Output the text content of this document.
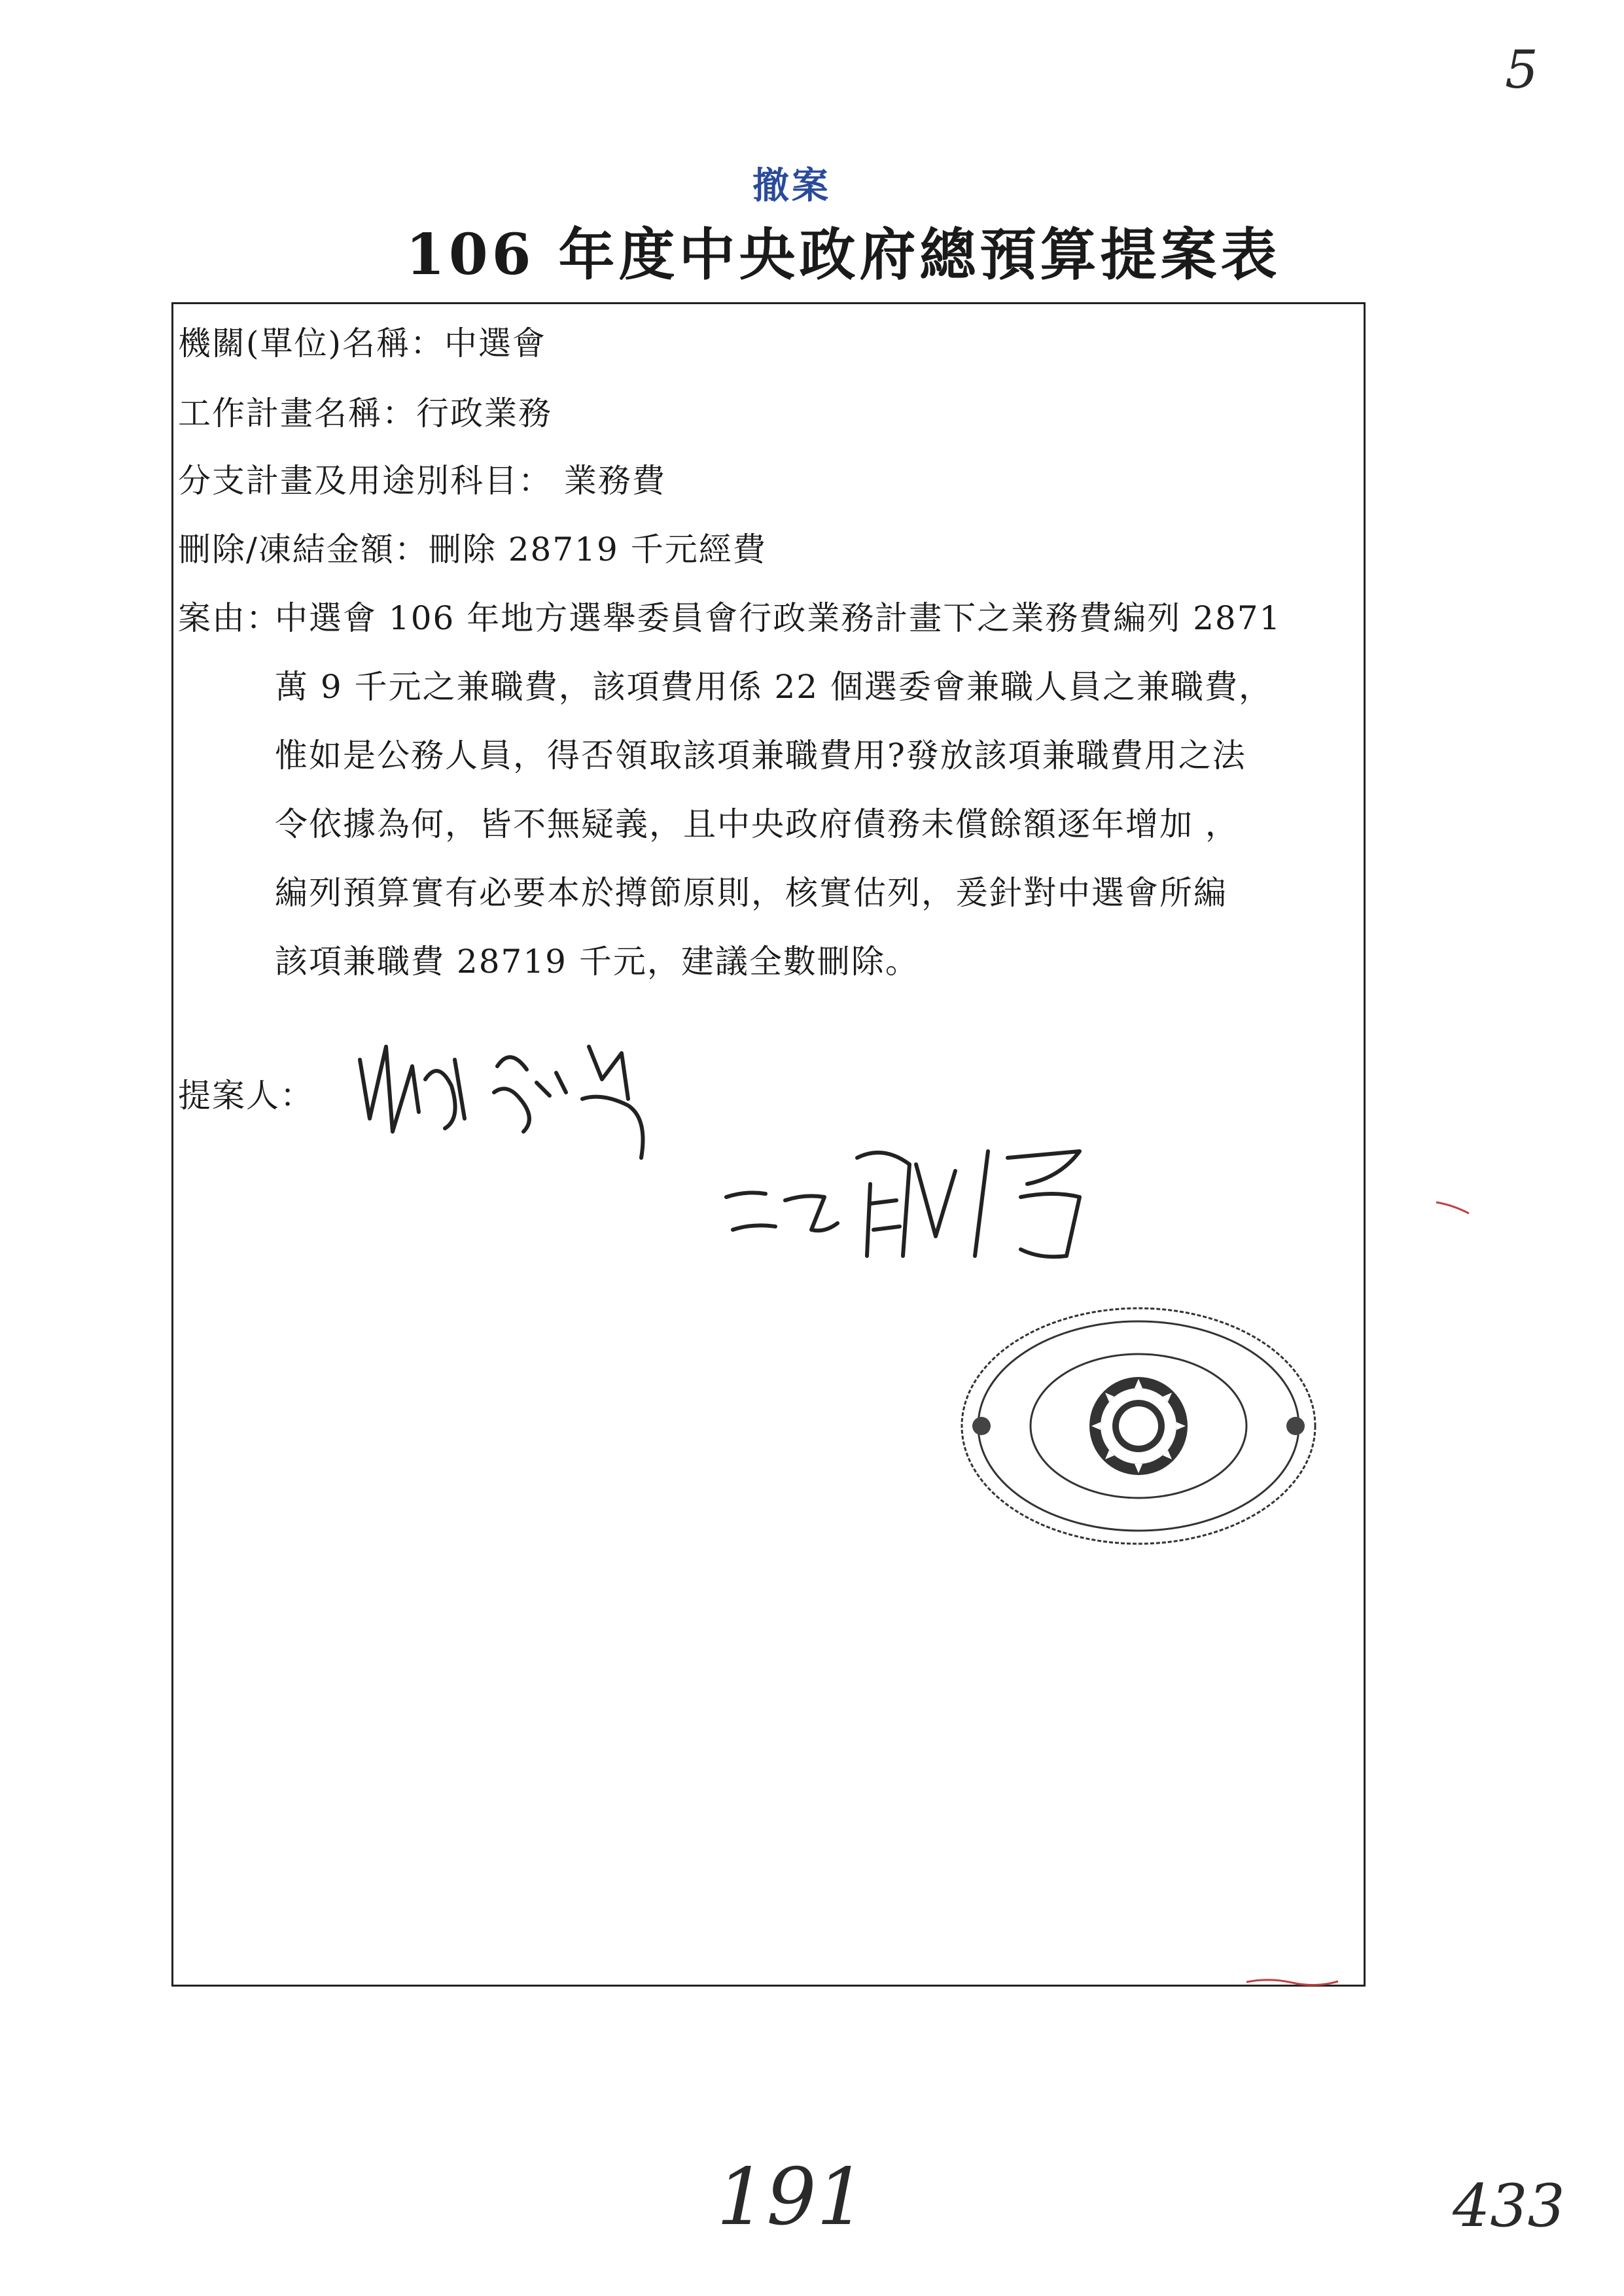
5
撤案
106 年度中央政府總預算提案表
機關(單位)名稱：中選會
工作計畫名稱：行政業務
分支計畫及用途別科目： 業務費
刪除/凍結金額：刪除 28719 千元經費
案由：
中選會 106 年地方選舉委員會行政業務計畫下之業務費編列 2871
萬 9 千元之兼職費，該項費用係 22 個選委會兼職人員之兼職費，
惟如是公務人員，得否領取該項兼職費用?發放該項兼職費用之法
令依據為何，皆不無疑義，且中央政府債務未償餘額逐年增加 ，
編列預算實有必要本於撙節原則，核實估列，爰針對中選會所編
該項兼職費 28719 千元，建議全數刪除。
提案人：
191	433
